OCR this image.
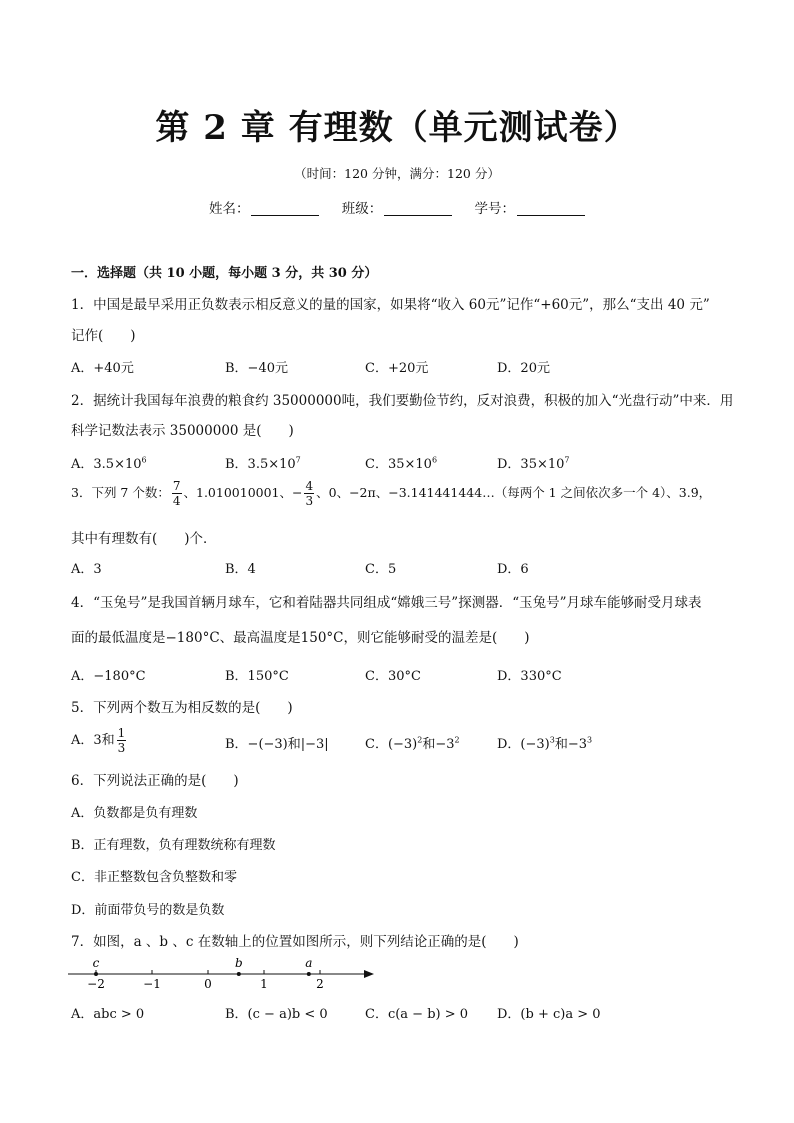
第 2 章 有理数（单元测试卷）
（时间：120 分钟，满分：120 分）
姓名：	班级：	学号：
一．选择题（共 10 小题，每小题 3 分，共 30 分）
1．中国是最早采用正负数表示相反意义的量的国家，如果将“收入 60元”记作“+60元”，那么“支出 40 元”
记作(　　)
A．+40元	B．−40元	C．+20元	D．20元
2．据统计我国每年浪费的粮食约 35000000吨，我们要勤俭节约，反对浪费，积极的加入“光盘行动”中来．用
科学记数法表示 35000000 是(　　)
A．$3.5\times 10^6$	B．$3.5\times 10^7$	C．$35\times 10^6$	D．$35\times 10^7$
3．下列 7 个数： $\frac{7}{4}$ 、1.010010001、− $\frac{4}{3}$ 、0、−2π、−3.141441444…（每两个 1 之间依次多一个 4）、3.9̇，
其中有理数有(　　)个．
A．3	B．4	C．5	D．6
4．“玉兔号”是我国首辆月球车，它和着陆器共同组成“嫦娥三号”探测器．“玉兔号”月球车能够耐受月球表
面的最低温度是−180°C、最高温度是150°C，则它能够耐受的温差是(　　)
A．−180°C	B．150°C	C．30°C	D．330°C
5．下列两个数互为相反数的是(　　)
A．3和 $\frac{1}{3}$	B．−(−3)和|−3|	C．$(-3)^2$和$-3^2$	D．$(-3)^3$和$-3^3$
6．下列说法正确的是(　　)
A．负数都是负有理数
B．正有理数，负有理数统称有理数
C．非正整数包含负整数和零
D．前面带负号的数是负数
7．如图，a 、b 、c 在数轴上的位置如图所示，则下列结论正确的是(　　)
−2	−1	0	1	2
c	b	a
A．abc > 0	B．(c − a)b < 0	C．c(a − b) > 0 D．(b + c)a > 0
